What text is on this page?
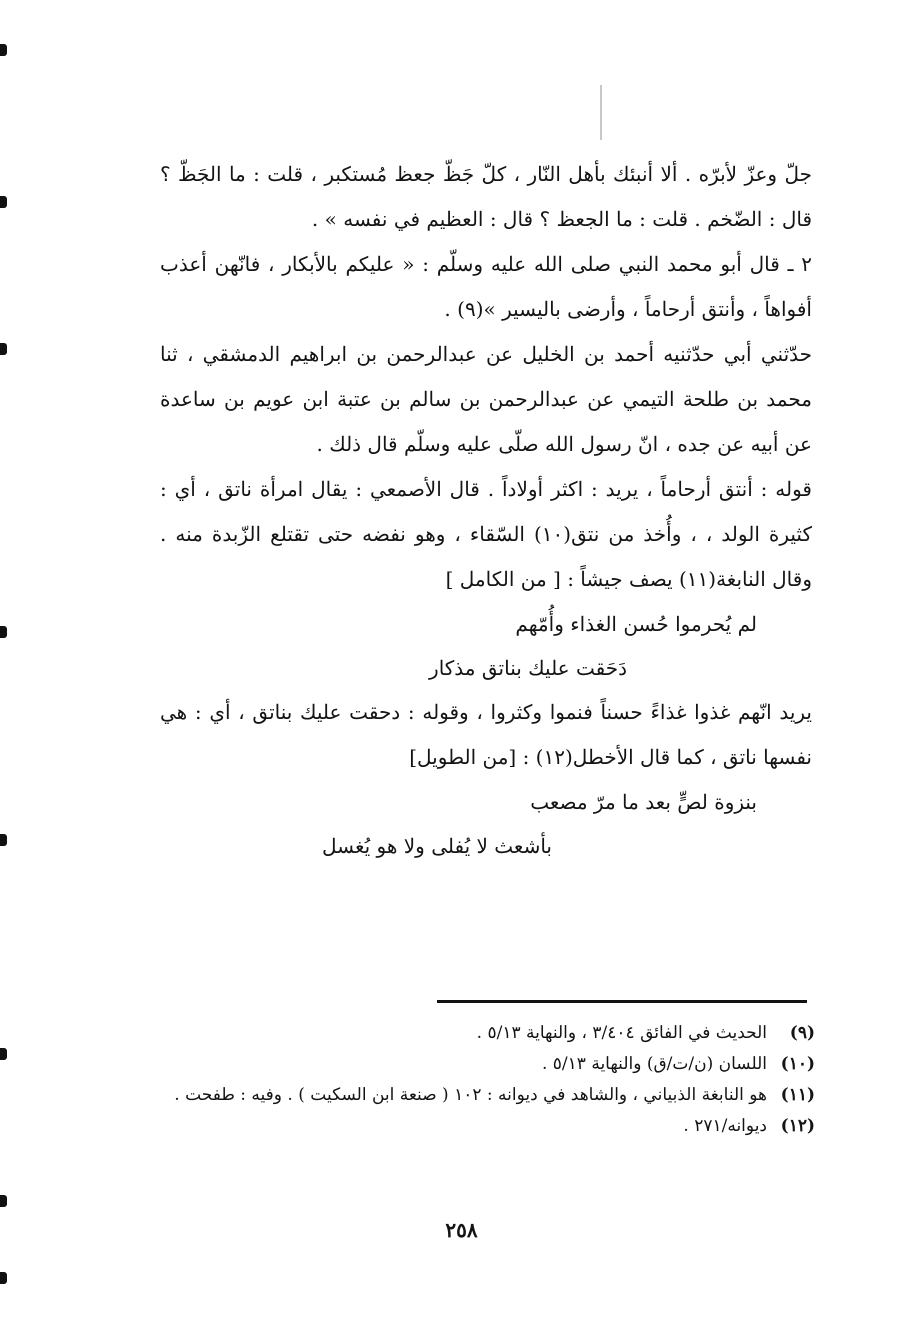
جلّ وعزّ لأبرّه . ألا أنبئك بأهل النّار ، كلّ جَظّ جعظ مُستكبر ، قلت : ما الجَظّ ؟ قال : الضّخم . قلت : ما الجعظ ؟ قال : العظيم في نفسه » .

٢ ـ قال أبو محمد النبي صلى الله عليه وسلّم : « عليكم بالأبكار ، فانّهن أعذب أفواهاً ، وأنتق أرحاماً ، وأرضى باليسير »(٩) .

حدّثني أبي حدّثنيه أحمد بن الخليل عن عبدالرحمن بن ابراهيم الدمشقي ، ثنا محمد بن طلحة التيمي عن عبدالرحمن بن سالم بن عتبة ابن عويم بن ساعدة عن أبيه عن جده ، انّ رسول الله صلّى عليه وسلّم قال ذلك .

قوله : أنتق أرحاماً ، يريد : اكثر أولاداً . قال الأصمعي : يقال امرأة ناتق ، أي : كثيرة الولد ، ، وأُخذ من نتق(١٠) السّقاء ، وهو نفضه حتى تقتلع الزّبدة منه . وقال النابغة(١١) يصف جيشاً : [ من الكامل ]

لم يُحرموا حُسن الغذاء وأُمّهم

دَحَقت عليك بناتق مذكار

يريد انّهم غذوا غذاءً حسناً فنموا وكثروا ، وقوله : دحقت عليك بناتق ، أي : هي نفسها ناتق ، كما قال الأخطل(١٢) : [من الطويل]

بنزوة لصٍّ بعد ما مرّ مصعب

بأشعث لا يُفلى ولا هو يُغسل

(٩)
الحديث في الفائق ٣/٤٠٤ ، والنهاية ٥/١٣ .
(١٠)
اللسان (ن/ت/ق) والنهاية ٥/١٣ .
(١١)
هو النابغة الذبياني ، والشاهد في ديوانه : ١٠٢ ( صنعة ابن السكيت ) . وفيه : طفحت .
(١٢)
ديوانه/٢٧١ .
٢٥٨
